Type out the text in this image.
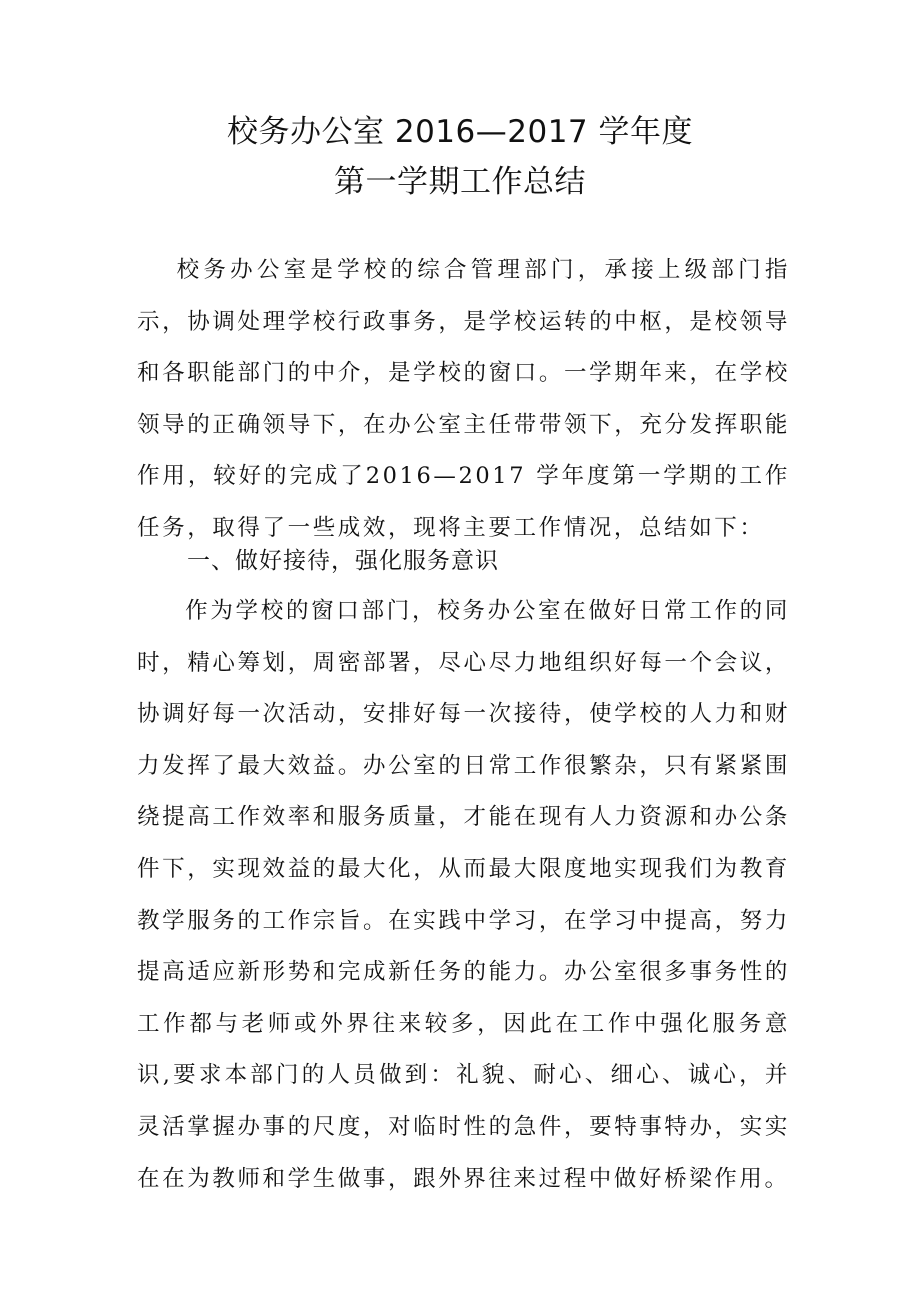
校务办公室 2016—2017 学年度
第一学期工作总结
校务办公室是学校的综合管理部门，承接上级部门指示，协调处理学校行政事务，是学校运转的中枢，是校领导和各职能部门的中介，是学校的窗口。一学期年来，在学校领导的正确领导下，在办公室主任带带领下，充分发挥职能作用，较好的完成了2016—2017 学年度第一学期的工作任务，取得了一些成效，现将主要工作情况，总结如下：
一、做好接待，强化服务意识
作为学校的窗口部门，校务办公室在做好日常工作的同时，精心筹划，周密部署，尽心尽力地组织好每一个会议，协调好每一次活动，安排好每一次接待，使学校的人力和财力发挥了最大效益。办公室的日常工作很繁杂，只有紧紧围绕提高工作效率和服务质量，才能在现有人力资源和办公条件下，实现效益的最大化，从而最大限度地实现我们为教育教学服务的工作宗旨。在实践中学习，在学习中提高，努力提高适应新形势和完成新任务的能力。办公室很多事务性的工作都与老师或外界往来较多，因此在工作中强化服务意识,要求本部门的人员做到：礼貌、耐心、细心、诚心，并灵活掌握办事的尺度，对临时性的急件，要特事特办，实实在在为教师和学生做事，跟外界往来过程中做好桥梁作用。
